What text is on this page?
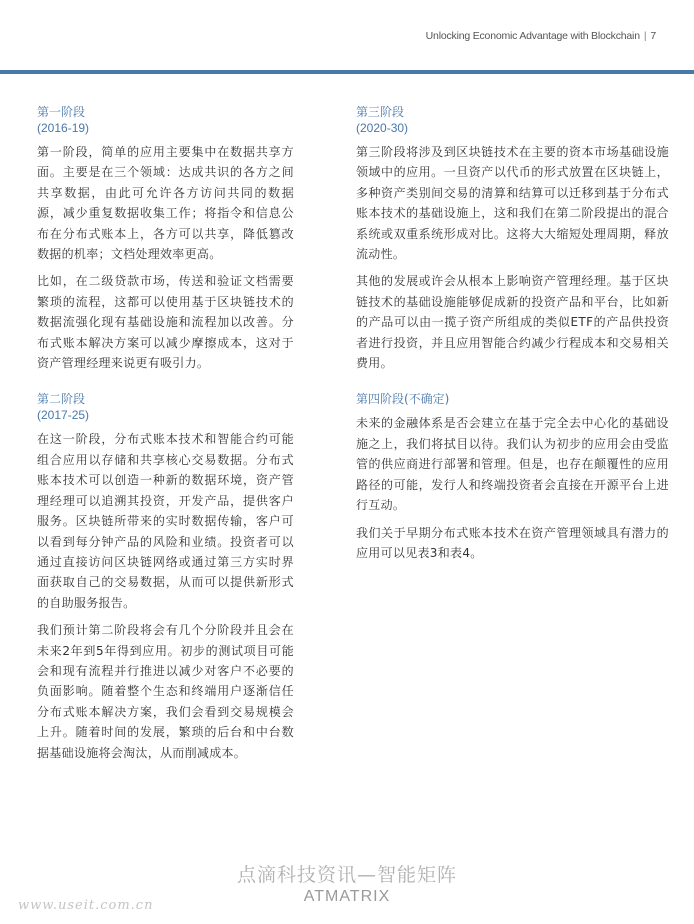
Unlocking Economic Advantage with Blockchain | 7
第一阶段
(2016-19)

第一阶段，简单的应用主要集中在数据共享方面。主要是在三个领域：达成共识的各方之间共享数据，由此可允许各方访问共同的数据源，减少重复数据收集工作；将指令和信息公布在分布式账本上，各方可以共享，降低篡改数据的机率；文档处理效率更高。

比如，在二级贷款市场，传送和验证文档需要繁琐的流程，这都可以使用基于区块链技术的数据流强化现有基础设施和流程加以改善。分布式账本解决方案可以减少摩擦成本，这对于资产管理经理来说更有吸引力。

第二阶段
(2017-25)

在这一阶段，分布式账本技术和智能合约可能组合应用以存储和共享核心交易数据。分布式账本技术可以创造一种新的数据环境，资产管理经理可以追溯其投资，开发产品，提供客户服务。区块链所带来的实时数据传输，客户可以看到每分钟产品的风险和业绩。投资者可以通过直接访问区块链网络或通过第三方实时界面获取自己的交易数据，从而可以提供新形式的自助服务报告。

我们预计第二阶段将会有几个分阶段并且会在未来2年到5年得到应用。初步的测试项目可能会和现有流程并行推进以减少对客户不必要的负面影响。随着整个生态和终端用户逐渐信任分布式账本解决方案，我们会看到交易规模会上升。随着时间的发展，繁琐的后台和中台数据基础设施将会淘汰，从而削减成本。

第三阶段
(2020-30)

第三阶段将涉及到区块链技术在主要的资本市场基础设施领域中的应用。一旦资产以代币的形式放置在区块链上，多种资产类别间交易的清算和结算可以迁移到基于分布式账本技术的基础设施上，这和我们在第二阶段提出的混合系统或双重系统形成对比。这将大大缩短处理周期，释放流动性。

其他的发展或许会从根本上影响资产管理经理。基于区块链技术的基础设施能够促成新的投资产品和平台，比如新的产品可以由一揽子资产所组成的类似ETF的产品供投资者进行投资，并且应用智能合约减少行程成本和交易相关费用。

第四阶段(不确定)

未来的金融体系是否会建立在基于完全去中心化的基础设施之上，我们将拭目以待。我们认为初步的应用会由受监管的供应商进行部署和管理。但是，也存在颠覆性的应用路径的可能，发行人和终端投资者会直接在开源平台上进行互动。

我们关于早期分布式账本技术在资产管理领域具有潜力的应用可以见表3和表4。

点滴科技资讯—智能矩阵
ATMATRIX
www.useit.com.cn
